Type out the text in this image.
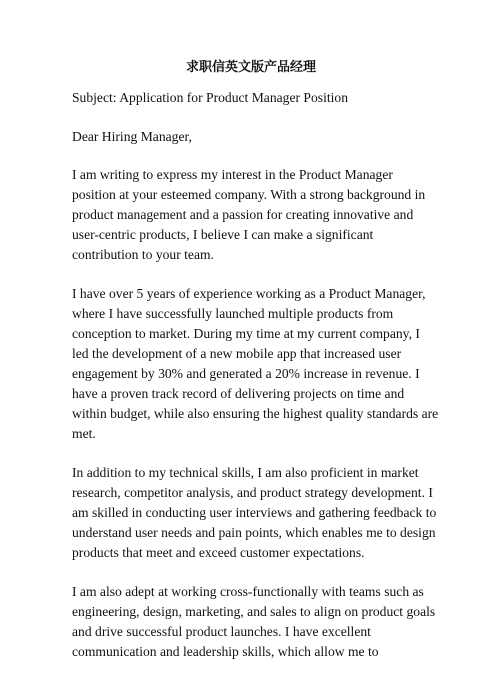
求职信英文版产品经理

Subject: Application for Product Manager Position

Dear Hiring Manager,

I am writing to express my interest in the Product Manager
position at your esteemed company. With a strong background in
product management and a passion for creating innovative and
user-centric products, I believe I can make a significant
contribution to your team.

I have over 5 years of experience working as a Product Manager,
where I have successfully launched multiple products from
conception to market. During my time at my current company, I
led the development of a new mobile app that increased user
engagement by 30% and generated a 20% increase in revenue. I
have a proven track record of delivering projects on time and
within budget, while also ensuring the highest quality standards are
met.

In addition to my technical skills, I am also proficient in market
research, competitor analysis, and product strategy development. I
am skilled in conducting user interviews and gathering feedback to
understand user needs and pain points, which enables me to design
products that meet and exceed customer expectations.

I am also adept at working cross-functionally with teams such as
engineering, design, marketing, and sales to align on product goals
and drive successful product launches. I have excellent
communication and leadership skills, which allow me to
